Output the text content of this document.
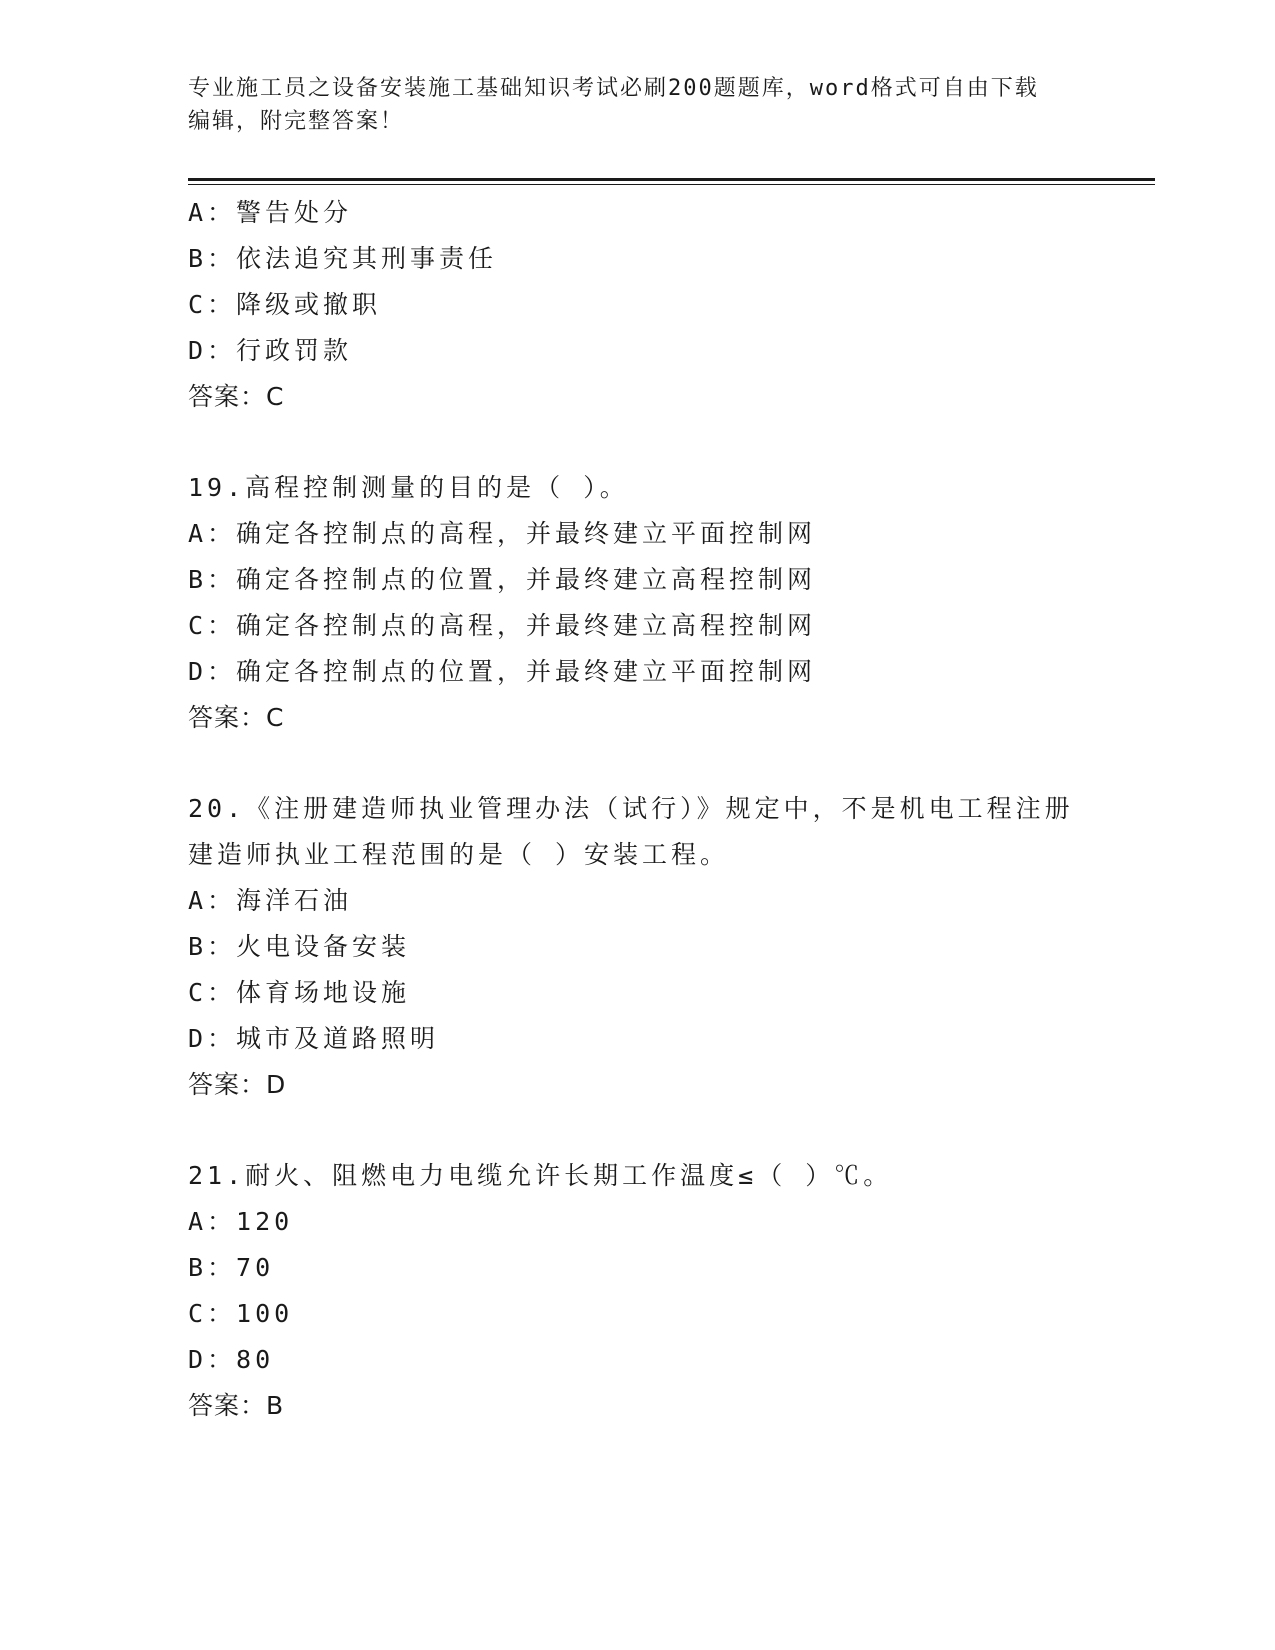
专业施工员之设备安装施工基础知识考试必刷200题题库，word格式可自由下载
编辑，附完整答案！
A：警告处分
B：依法追究其刑事责任
C：降级或撤职
D：行政罚款
答案：C
19.高程控制测量的目的是（ ）。
A：确定各控制点的高程，并最终建立平面控制网
B：确定各控制点的位置，并最终建立高程控制网
C：确定各控制点的高程，并最终建立高程控制网
D：确定各控制点的位置，并最终建立平面控制网
答案：C
20.《注册建造师执业管理办法（试行）》规定中，不是机电工程注册
建造师执业工程范围的是（ ）安装工程。
A：海洋石油
B：火电设备安装
C：体育场地设施
D：城市及道路照明
答案：D
21.耐火、阻燃电力电缆允许长期工作温度≤（ ）℃。
A：120
B：70
C：100
D：80
答案：B
